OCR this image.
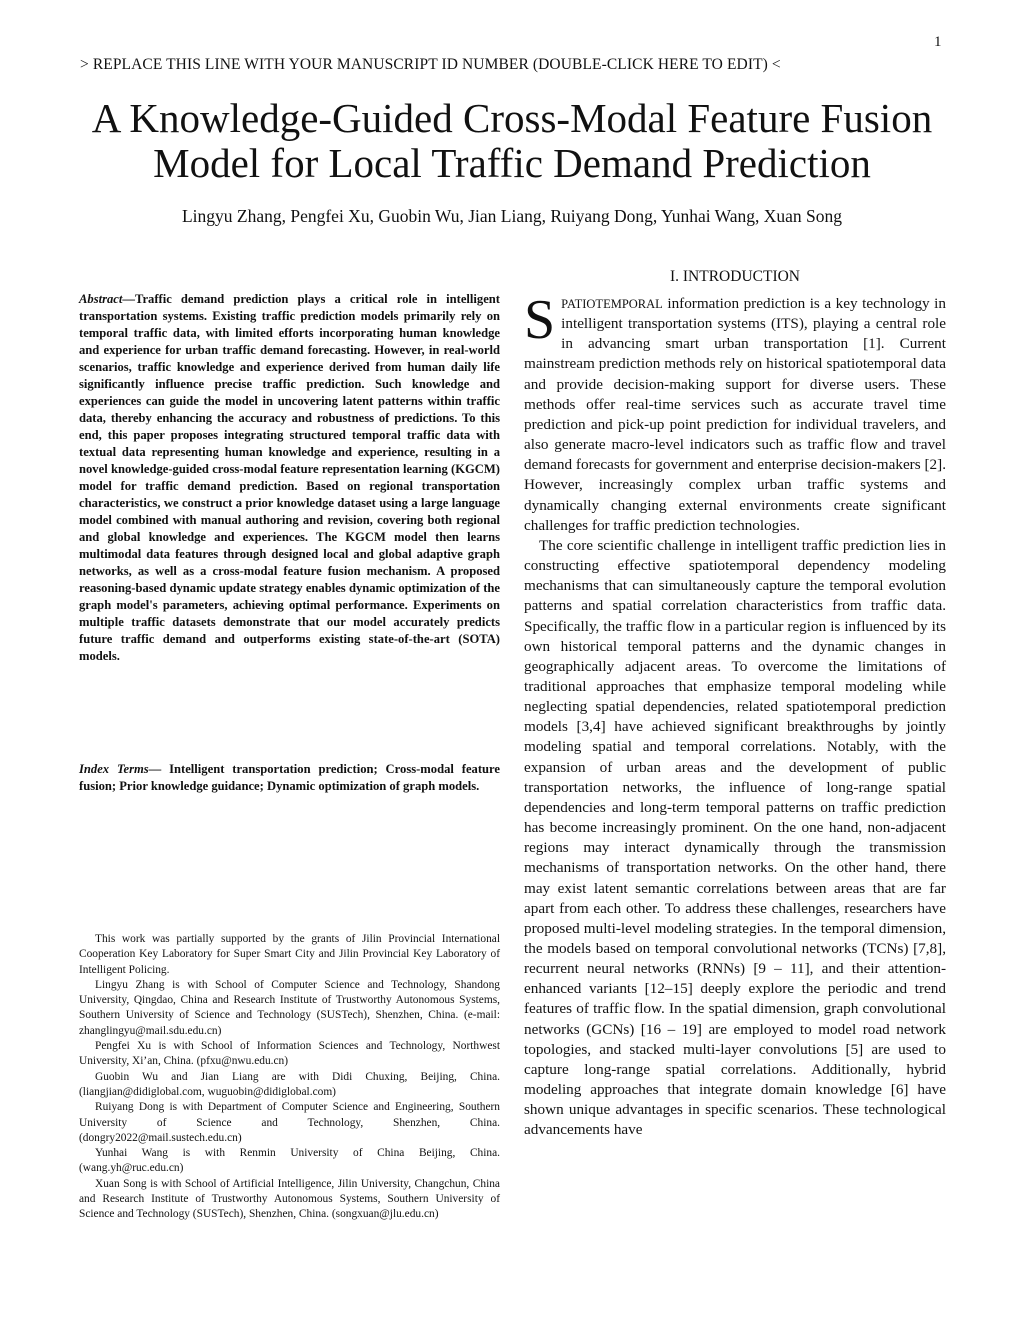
1
> REPLACE THIS LINE WITH YOUR MANUSCRIPT ID NUMBER (DOUBLE-CLICK HERE TO EDIT) <
A Knowledge-Guided Cross-Modal Feature Fusion
Model for Local Traffic Demand Prediction
Lingyu Zhang, Pengfei Xu, Guobin Wu, Jian Liang, Ruiyang Dong, Yunhai Wang, Xuan Song

Abstract—Traffic demand prediction plays a critical role in intelligent transportation systems. Existing traffic prediction models primarily rely on temporal traffic data, with limited efforts incorporating human knowledge and experience for urban traffic demand forecasting. However, in real-world scenarios, traffic knowledge and experience derived from human daily life significantly influence precise traffic prediction. Such knowledge and experiences can guide the model in uncovering latent patterns within traffic data, thereby enhancing the accuracy and robustness of predictions. To this end, this paper proposes integrating structured temporal traffic data with textual data representing human knowledge and experience, resulting in a novel knowledge-guided cross-modal feature representation learning (KGCM) model for traffic demand prediction. Based on regional transportation characteristics, we construct a prior knowledge dataset using a large language model combined with manual authoring and revision, covering both regional and global knowledge and experiences. The KGCM model then learns multimodal data features through designed local and global adaptive graph networks, as well as a cross-modal feature fusion mechanism. A proposed reasoning-based dynamic update strategy enables dynamic optimization of the graph model's parameters, achieving optimal performance. Experiments on multiple traffic datasets demonstrate that our model accurately predicts future traffic demand and outperforms existing state-of-the-art (SOTA) models.

Index Terms— Intelligent transportation prediction; Cross-modal feature fusion; Prior knowledge guidance; Dynamic optimization of graph models.

This work was partially supported by the grants of Jilin Provincial International Cooperation Key Laboratory for Super Smart City and Jilin Provincial Key Laboratory of Intelligent Policing.

Lingyu Zhang is with School of Computer Science and Technology, Shandong University, Qingdao, China and Research Institute of Trustworthy Autonomous Systems, Southern University of Science and Technology (SUSTech), Shenzhen, China. (e-mail: zhanglingyu@mail.sdu.edu.cn)

Pengfei Xu is with School of Information Sciences and Technology, Northwest University, Xi’an, China. (pfxu@nwu.edu.cn)

Guobin Wu and Jian Liang are with Didi Chuxing, Beijing, China. (liangjian@didiglobal.com, wuguobin@didiglobal.com)

Ruiyang Dong is with Department of Computer Science and Engineering, Southern University of Science and Technology, Shenzhen, China. (dongry2022@mail.sustech.edu.cn)

Yunhai Wang is with Renmin University of China Beijing, China. (wang.yh@ruc.edu.cn)

Xuan Song is with School of Artificial Intelligence, Jilin University, Changchun, China and Research Institute of Trustworthy Autonomous Systems, Southern University of Science and Technology (SUSTech), Shenzhen, China. (songxuan@jlu.edu.cn)

I. INTRODUCTION

SPATIOTEMPORAL information prediction is a key technology in intelligent transportation systems (ITS), playing a central role in advancing smart urban transportation [1]. Current mainstream prediction methods rely on historical spatiotemporal data and provide decision-making support for diverse users. These methods offer real-time services such as accurate travel time prediction and pick-up point prediction for individual travelers, and also generate macro-level indicators such as traffic flow and travel demand forecasts for government and enterprise decision-makers [2]. However, increasingly complex urban traffic systems and dynamically changing external environments create significant challenges for traffic prediction technologies.

The core scientific challenge in intelligent traffic prediction lies in constructing effective spatiotemporal dependency modeling mechanisms that can simultaneously capture the temporal evolution patterns and spatial correlation characteristics from traffic data. Specifically, the traffic flow in a particular region is influenced by its own historical temporal patterns and the dynamic changes in geographically adjacent areas. To overcome the limitations of traditional approaches that emphasize temporal modeling while neglecting spatial dependencies, related spatiotemporal prediction models [3,4] have achieved significant breakthroughs by jointly modeling spatial and temporal correlations. Notably, with the expansion of urban areas and the development of public transportation networks, the influence of long-range spatial dependencies and long-term temporal patterns on traffic prediction has become increasingly prominent. On the one hand, non-adjacent regions may interact dynamically through the transmission mechanisms of transportation networks. On the other hand, there may exist latent semantic correlations between areas that are far apart from each other. To address these challenges, researchers have proposed multi-level modeling strategies. In the temporal dimension, the models based on temporal convolutional networks (TCNs) [7,8], recurrent neural networks (RNNs) [9 – 11], and their attention-enhanced variants [12–15] deeply explore the periodic and trend features of traffic flow. In the spatial dimension, graph convolutional networks (GCNs) [16 – 19] are employed to model road network topologies, and stacked multi-layer convolutions [5] are used to capture long-range spatial correlations. Additionally, hybrid modeling approaches that integrate domain knowledge [6] have shown unique advantages in specific scenarios. These technological advancements have
